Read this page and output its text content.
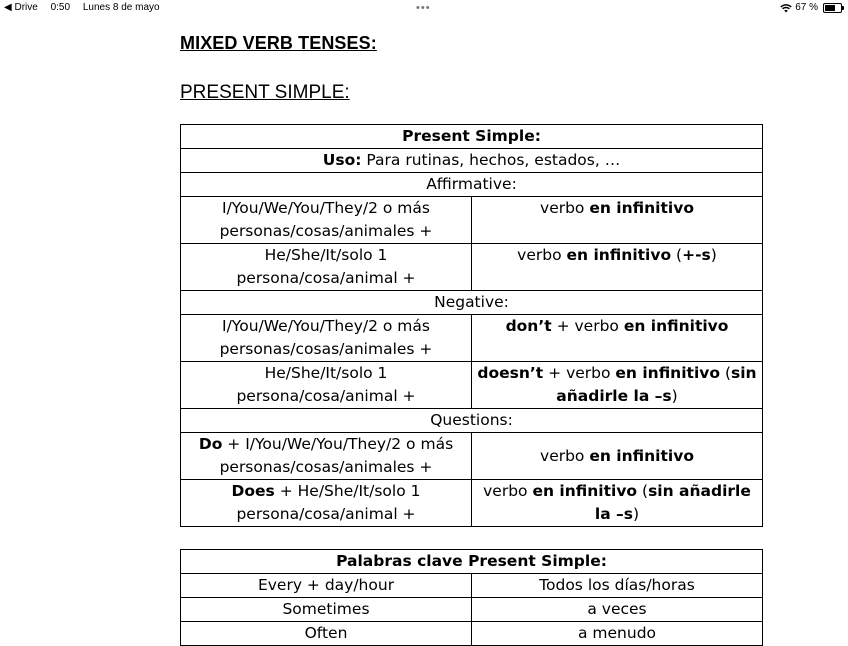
◀ Drive 0:50 Lunes 8 de mayo	•••	67 %
MIXED VERB TENSES:
PRESENT SIMPLE:
Present Simple:	
Uso: Para rutinas, hechos, estados, …	
Affirmative:	
I/You/We/You/They/2 o más personas/cosas/animales +	verbo en infinitivo
He/She/It/solo 1 persona/cosa/animal +	verbo en infinitivo (+-s)
Negative:	
I/You/We/You/They/2 o más personas/cosas/animales +	don’t + verbo en infinitivo
He/She/It/solo 1 persona/cosa/animal +	doesn’t + verbo en infinitivo (sin añadirle la –s)
Questions:	
Do + I/You/We/You/They/2 o más personas/cosas/animales +	verbo en infinitivo
Does + He/She/It/solo 1 persona/cosa/animal +	verbo en infinitivo (sin añadirle la –s)
Palabras clave Present Simple:	
Every + day/hour	Todos los días/horas
Sometimes	a veces
Often	a menudo
